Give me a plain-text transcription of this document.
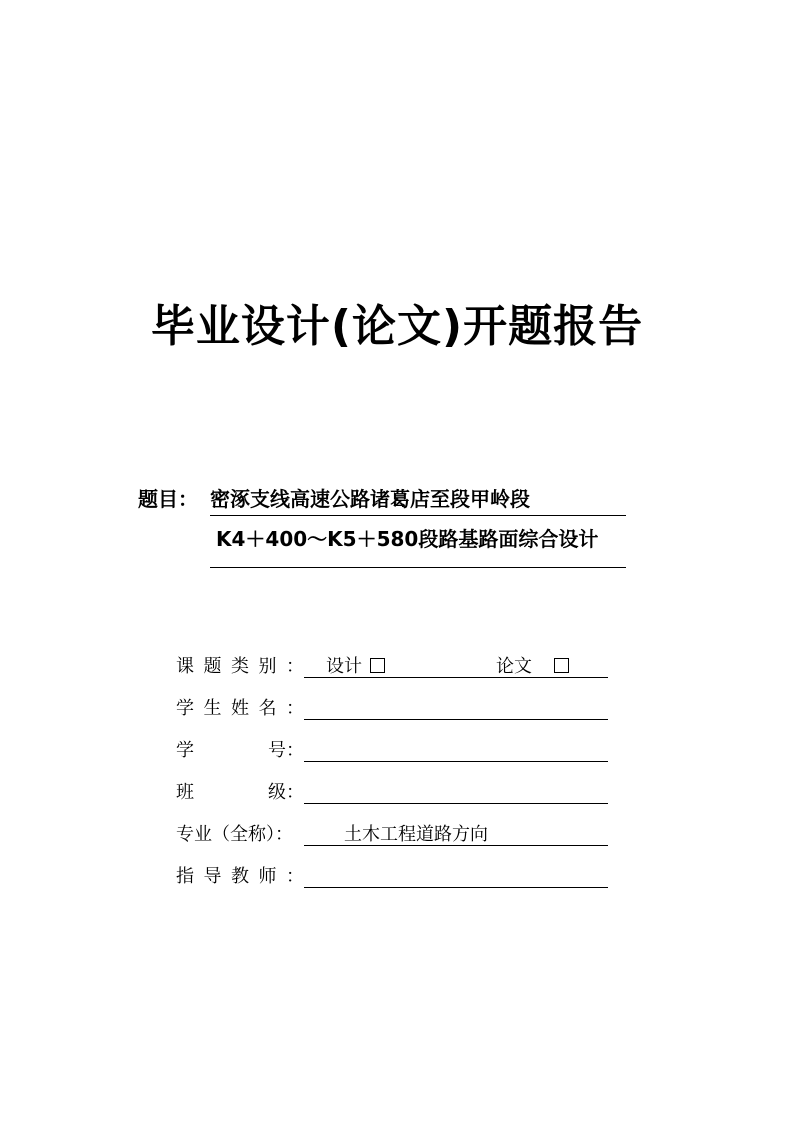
毕业设计(论文)开题报告
题目： 密涿支线高速公路诸葛店至段甲岭段
K4＋400～K5＋580段路基路面综合设计
课 题 类 别 ： 设计	论文
学 生 姓 名 ：
学	号 ：
班	级 ：
专业（全称）：	土木工程道路方向
指 导 教 师 ：
